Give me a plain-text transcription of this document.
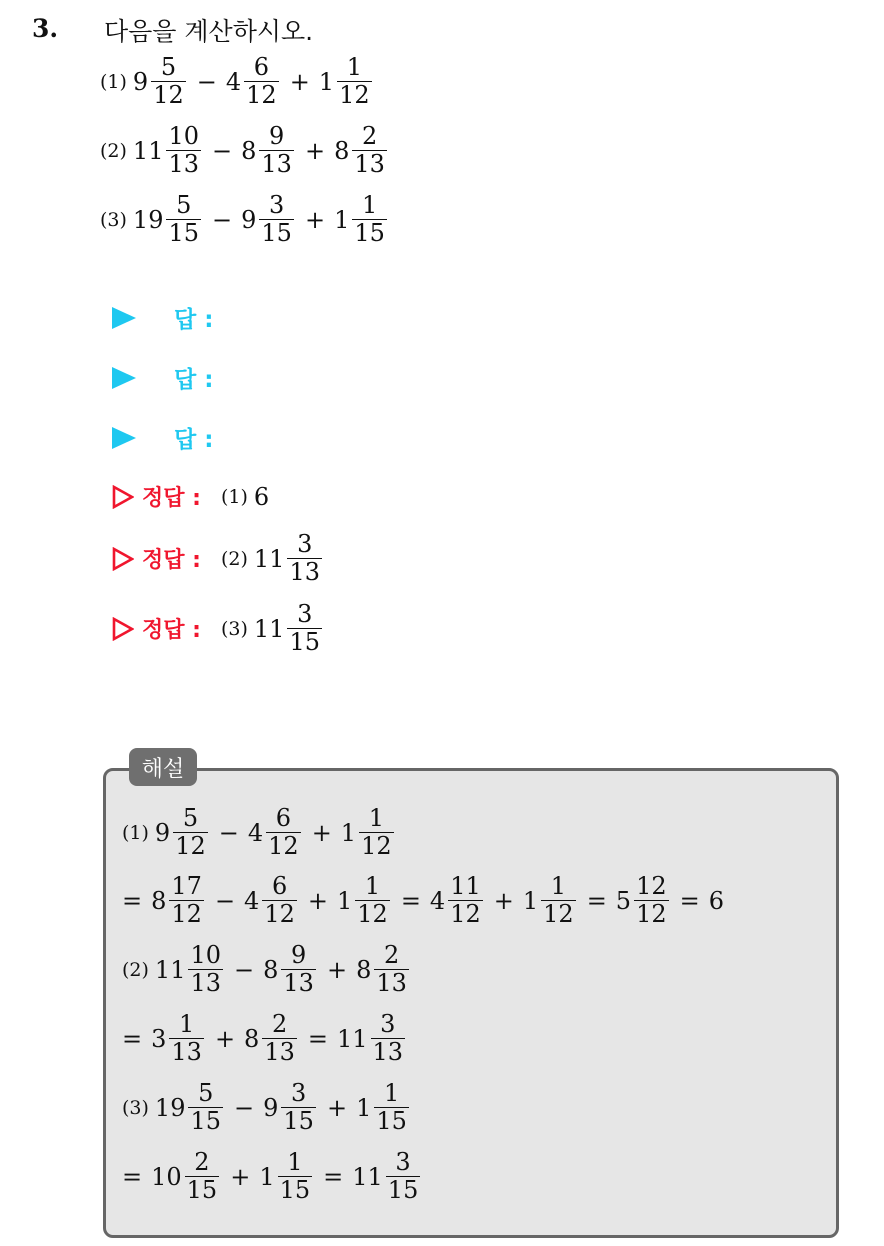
3. 다음을 계산하시오.
(1) $9 \frac{5}{12} - 4 \frac{6}{12} + 1 \frac{1}{12}$
(2) $11 \frac{10}{13} - 8 \frac{9}{13} + 8 \frac{2}{13}$
(3) $19 \frac{5}{15} - 9 \frac{3}{15} + 1 \frac{1}{15}$
답 :
답 :
답 :
정답 : (1) 6
정답 : (2) $11 \frac{3}{13}$
정답 : (3) $11 \frac{3}{15}$
해설
(1) $9 \frac{5}{12} - 4 \frac{6}{12} + 1 \frac{1}{12}$
= $8 \frac{17}{12} - 4 \frac{6}{12} + 1 \frac{1}{12} = 4 \frac{11}{12} + 1 \frac{1}{12} = 5 \frac{12}{12} = 6$
(2) $11 \frac{10}{13} - 8 \frac{9}{13} + 8 \frac{2}{13}$
= $3 \frac{1}{13} + 8 \frac{2}{13} = 11 \frac{3}{13}$
(3) $19 \frac{5}{15} - 9 \frac{3}{15} + 1 \frac{1}{15}$
= $10 \frac{2}{15} + 1 \frac{1}{15} = 11 \frac{3}{15}$
